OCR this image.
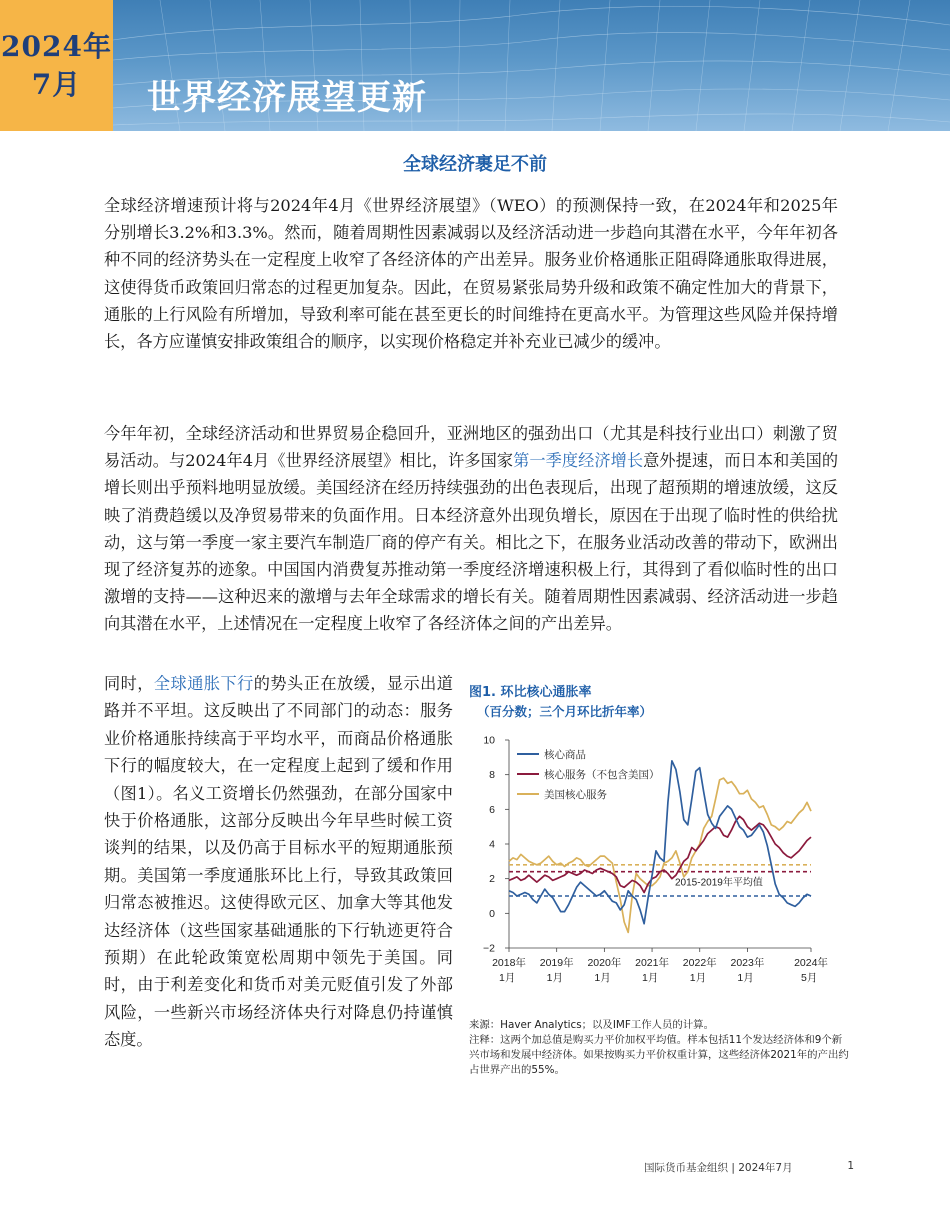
2024年
7月 世界经济展望更新
全球经济裹足不前

全球经济增速预计将与2024年4月《世界经济展望》（WEO）的预测保持一致，在2024年和2025年分别增长3.2%和3.3%。然而，随着周期性因素减弱以及经济活动进一步趋向其潜在水平，今年年初各种不同的经济势头在一定程度上收窄了各经济体的产出差异。服务业价格通胀正阻碍降通胀取得进展，这使得货币政策回归常态的过程更加复杂。因此，在贸易紧张局势升级和政策不确定性加大的背景下，通胀的上行风险有所增加，导致利率可能在甚至更长的时间维持在更高水平。为管理这些风险并保持增长，各方应谨慎安排政策组合的顺序，以实现价格稳定并补充业已减少的缓冲。

今年年初，全球经济活动和世界贸易企稳回升，亚洲地区的强劲出口（尤其是科技行业出口）刺激了贸易活动。与2024年4月《世界经济展望》相比，许多国家第一季度经济增长意外提速，而日本和美国的增长则出乎预料地明显放缓。美国经济在经历持续强劲的出色表现后，出现了超预期的增速放缓，这反映了消费趋缓以及净贸易带来的负面作用。日本经济意外出现负增长，原因在于出现了临时性的供给扰动，这与第一季度一家主要汽车制造厂商的停产有关。相比之下，在服务业活动改善的带动下，欧洲出现了经济复苏的迹象。中国国内消费复苏推动第一季度经济增速积极上行，其得到了看似临时性的出口激增的支持——这种迟来的激增与去年全球需求的增长有关。随着周期性因素减弱、经济活动进一步趋向其潜在水平，上述情况在一定程度上收窄了各经济体之间的产出差异。

同时，全球通胀下行的势头正在放缓，显示出道路并不平坦。这反映出了不同部门的动态：服务业价格通胀持续高于平均水平，而商品价格通胀下行的幅度较大，在一定程度上起到了缓和作用（图1）。名义工资增长仍然强劲，在部分国家中快于价格通胀，这部分反映出今年早些时候工资谈判的结果，以及仍高于目标水平的短期通胀预期。美国第一季度通胀环比上行，导致其政策回归常态被推迟。这使得欧元区、加拿大等其他发达经济体（这些国家基础通胀的下行轨迹更符合预期）在此轮政策宽松周期中领先于美国。同时，由于利差变化和货币对美元贬值引发了外部风险，一些新兴市场经济体央行对降息仍持谨慎态度。

图1. 环比核心通胀率

（百分数；三个月环比折年率）

−2
0
2
4
6
8
10
2018年
1月
2019年
1月
2020年
1月
2021年
1月
2022年
1月
2023年
1月
2024年
5月
2015-2019年平均值
核心商品
核心服务（不包含美国）
美国核心服务

来源：Haver Analytics；以及IMF工作人员的计算。

注释：这两个加总值是购买力平价加权平均值。样本包括11个发达经济体和9个新兴市场和发展中经济体。如果按购买力平价权重计算，这些经济体2021年的产出约占世界产出的55%。

国际货币基金组织 | 2024年7月	1
